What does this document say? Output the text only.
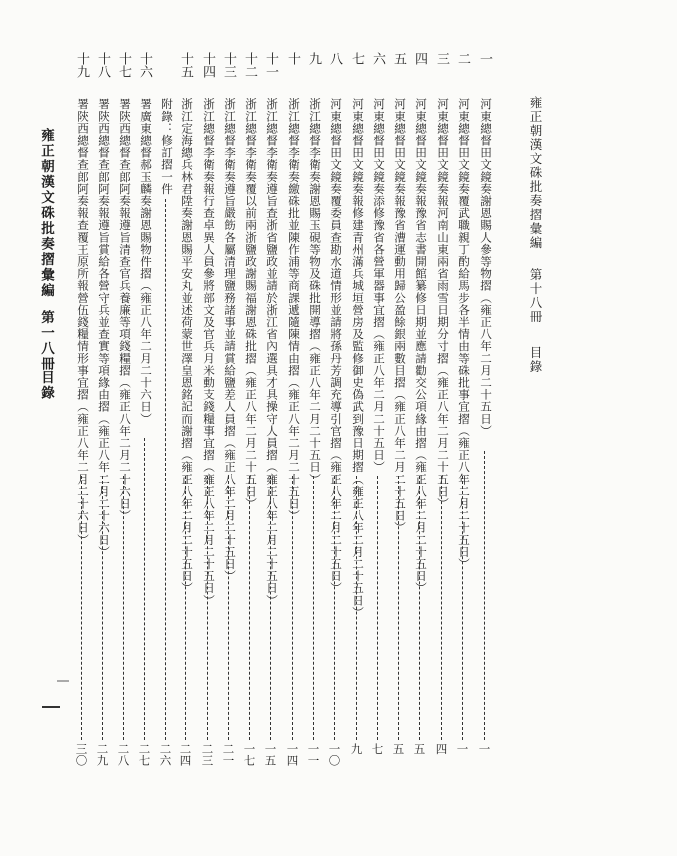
雍正朝漢文硃批奏摺彙編第十八冊目錄
一
河東總督田文鏡奏謝恩賜人參等物摺（雍正八年二月二十五日）
一
二
河東總督田文鏡奏覆武職親丁酌給馬步各半情由等硃批事宜摺（雍正八年二月二十五日）
一
三
河東總督田文鏡奏報河南山東兩省雨雪日期分寸摺（雍正八年二月二十五日）
四
四
河東總督田文鏡奏報豫省志書開館纂修日期並應請勸交公項緣由摺（雍正八年二月二十五日）
五
五
河東總督田文鏡奏報豫省漕運動用歸公盈餘銀兩數目摺（雍正八年二月二十五日）
五
六
河東總督田文鏡奏添修豫省各營軍器事宜摺（雍正八年二月二十五日）
七
七
河東總督田文鏡奏報修建青州滿兵城垣營房及監修御史偽武到豫日期摺（雍正八年二月二十五日）
九
八
河東總督田文鏡奏覆委員查勘水道情形並請將孫丹芳調充導引官摺（雍正八年二月二十五日）
一〇
九
浙江總督李衛奏謝恩賜玉硯等物及硃批開導摺（雍正八年二月二十五日）
一一
十
浙江總督李衛奏繳硃批並陳作浦等商課遞隨陳情由摺（雍正八年二月二十五日）
一四
十一
浙江總督李衛奏遵旨查浙省鹽政並請於浙江省內選具才具操守人員摺（雍正八年二月二十五日）
一五
十二
浙江總督李衛奏覆以前兩浙鹽政謝賜福謝恩硃批摺（雍正八年二月二十五日）
一七
十三
浙江總督李衛奏遵旨嚴飭各屬清理鹽務諸事並請賞給鹽差人員摺（雍正八年二月二十五日）
二一
十四
浙江總督李衛奏報行查卓異人員參將部文及官兵月米動支錢糧事宜摺（雍正八年二月二十五日）
二三
十五
浙江定海總兵林君陞奏謝恩賜平安丸並述荷蒙世澤皇恩銘記而謝摺（雍正八年二月二十五日）
二四
附錄：修訂摺一件
二六
十六
署廣東總督郝玉麟奏謝恩賜物件摺（雍正八年二月二十六日）
二七
十七
署陝西總督查郎阿奏報遵旨清查官兵養廉等項錢糧摺（雍正八年二月二十六日）
二八
十八
署陝西總督查郎阿奏報遵旨賞給各營守兵並查實等項緣由摺（雍正八年二月二十六日）
二九
十九
署陝西總督查郎阿奏報查覆王原所報營伍錢糧情形事宜摺（雍正八年二月二十六日）
三〇
雍正朝漢文硃批奏摺彙編
第一八冊
目錄
